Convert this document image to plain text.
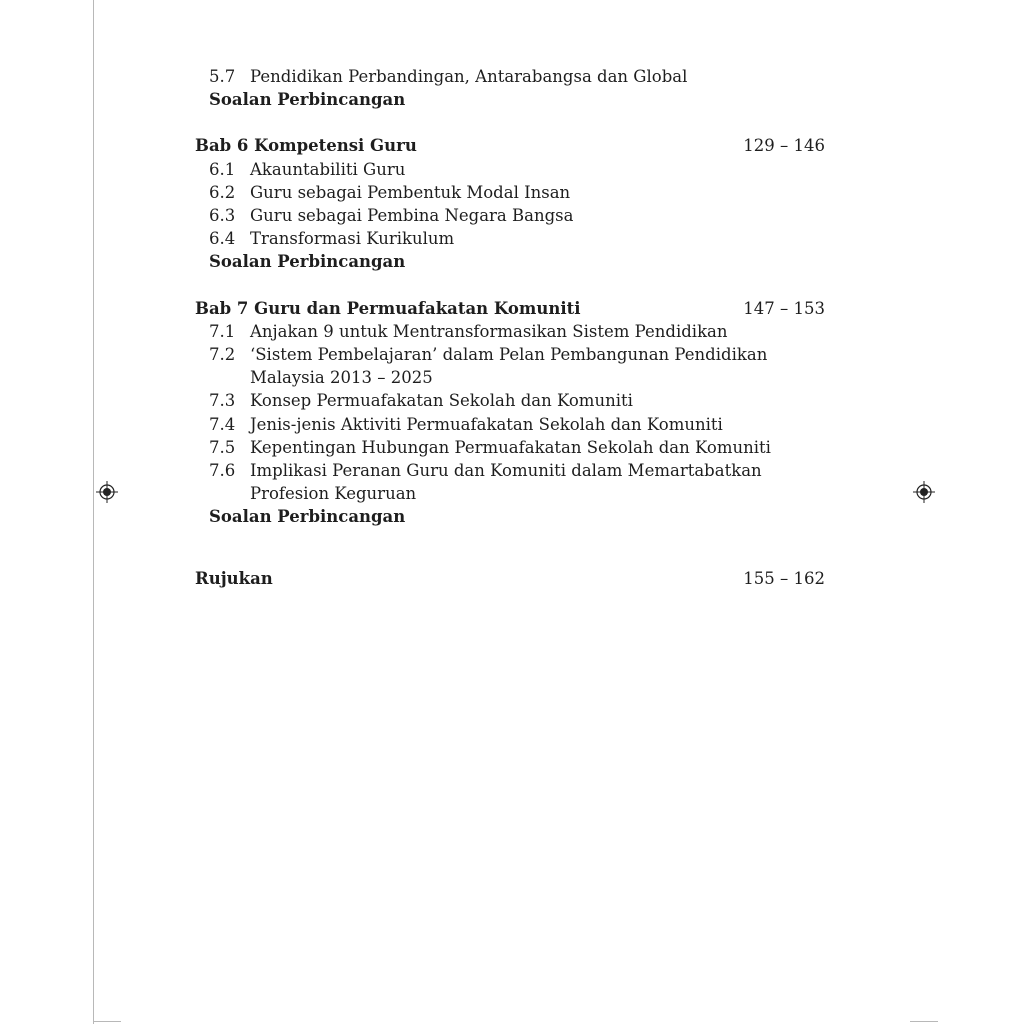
5.7 Pendidikan Perbandingan, Antarabangsa dan Global
Soalan Perbincangan
Bab 6 Kompetensi Guru	129 – 146
6.1 Akauntabiliti Guru
6.2 Guru sebagai Pembentuk Modal Insan
6.3 Guru sebagai Pembina Negara Bangsa
6.4 Transformasi Kurikulum
Soalan Perbincangan
Bab 7 Guru dan Permuafakatan Komuniti	147 – 153
7.1 Anjakan 9 untuk Mentransformasikan Sistem Pendidikan
7.2 ‘Sistem Pembelajaran’ dalam Pelan Pembangunan Pendidikan Malaysia 2013 – 2025
7.3 Konsep Permuafakatan Sekolah dan Komuniti
7.4 Jenis-jenis Aktiviti Permuafakatan Sekolah dan Komuniti
7.5 Kepentingan Hubungan Permuafakatan Sekolah dan Komuniti
7.6 Implikasi Peranan Guru dan Komuniti dalam Memartabatkan Profesion Keguruan
Soalan Perbincangan
Rujukan	155 – 162
